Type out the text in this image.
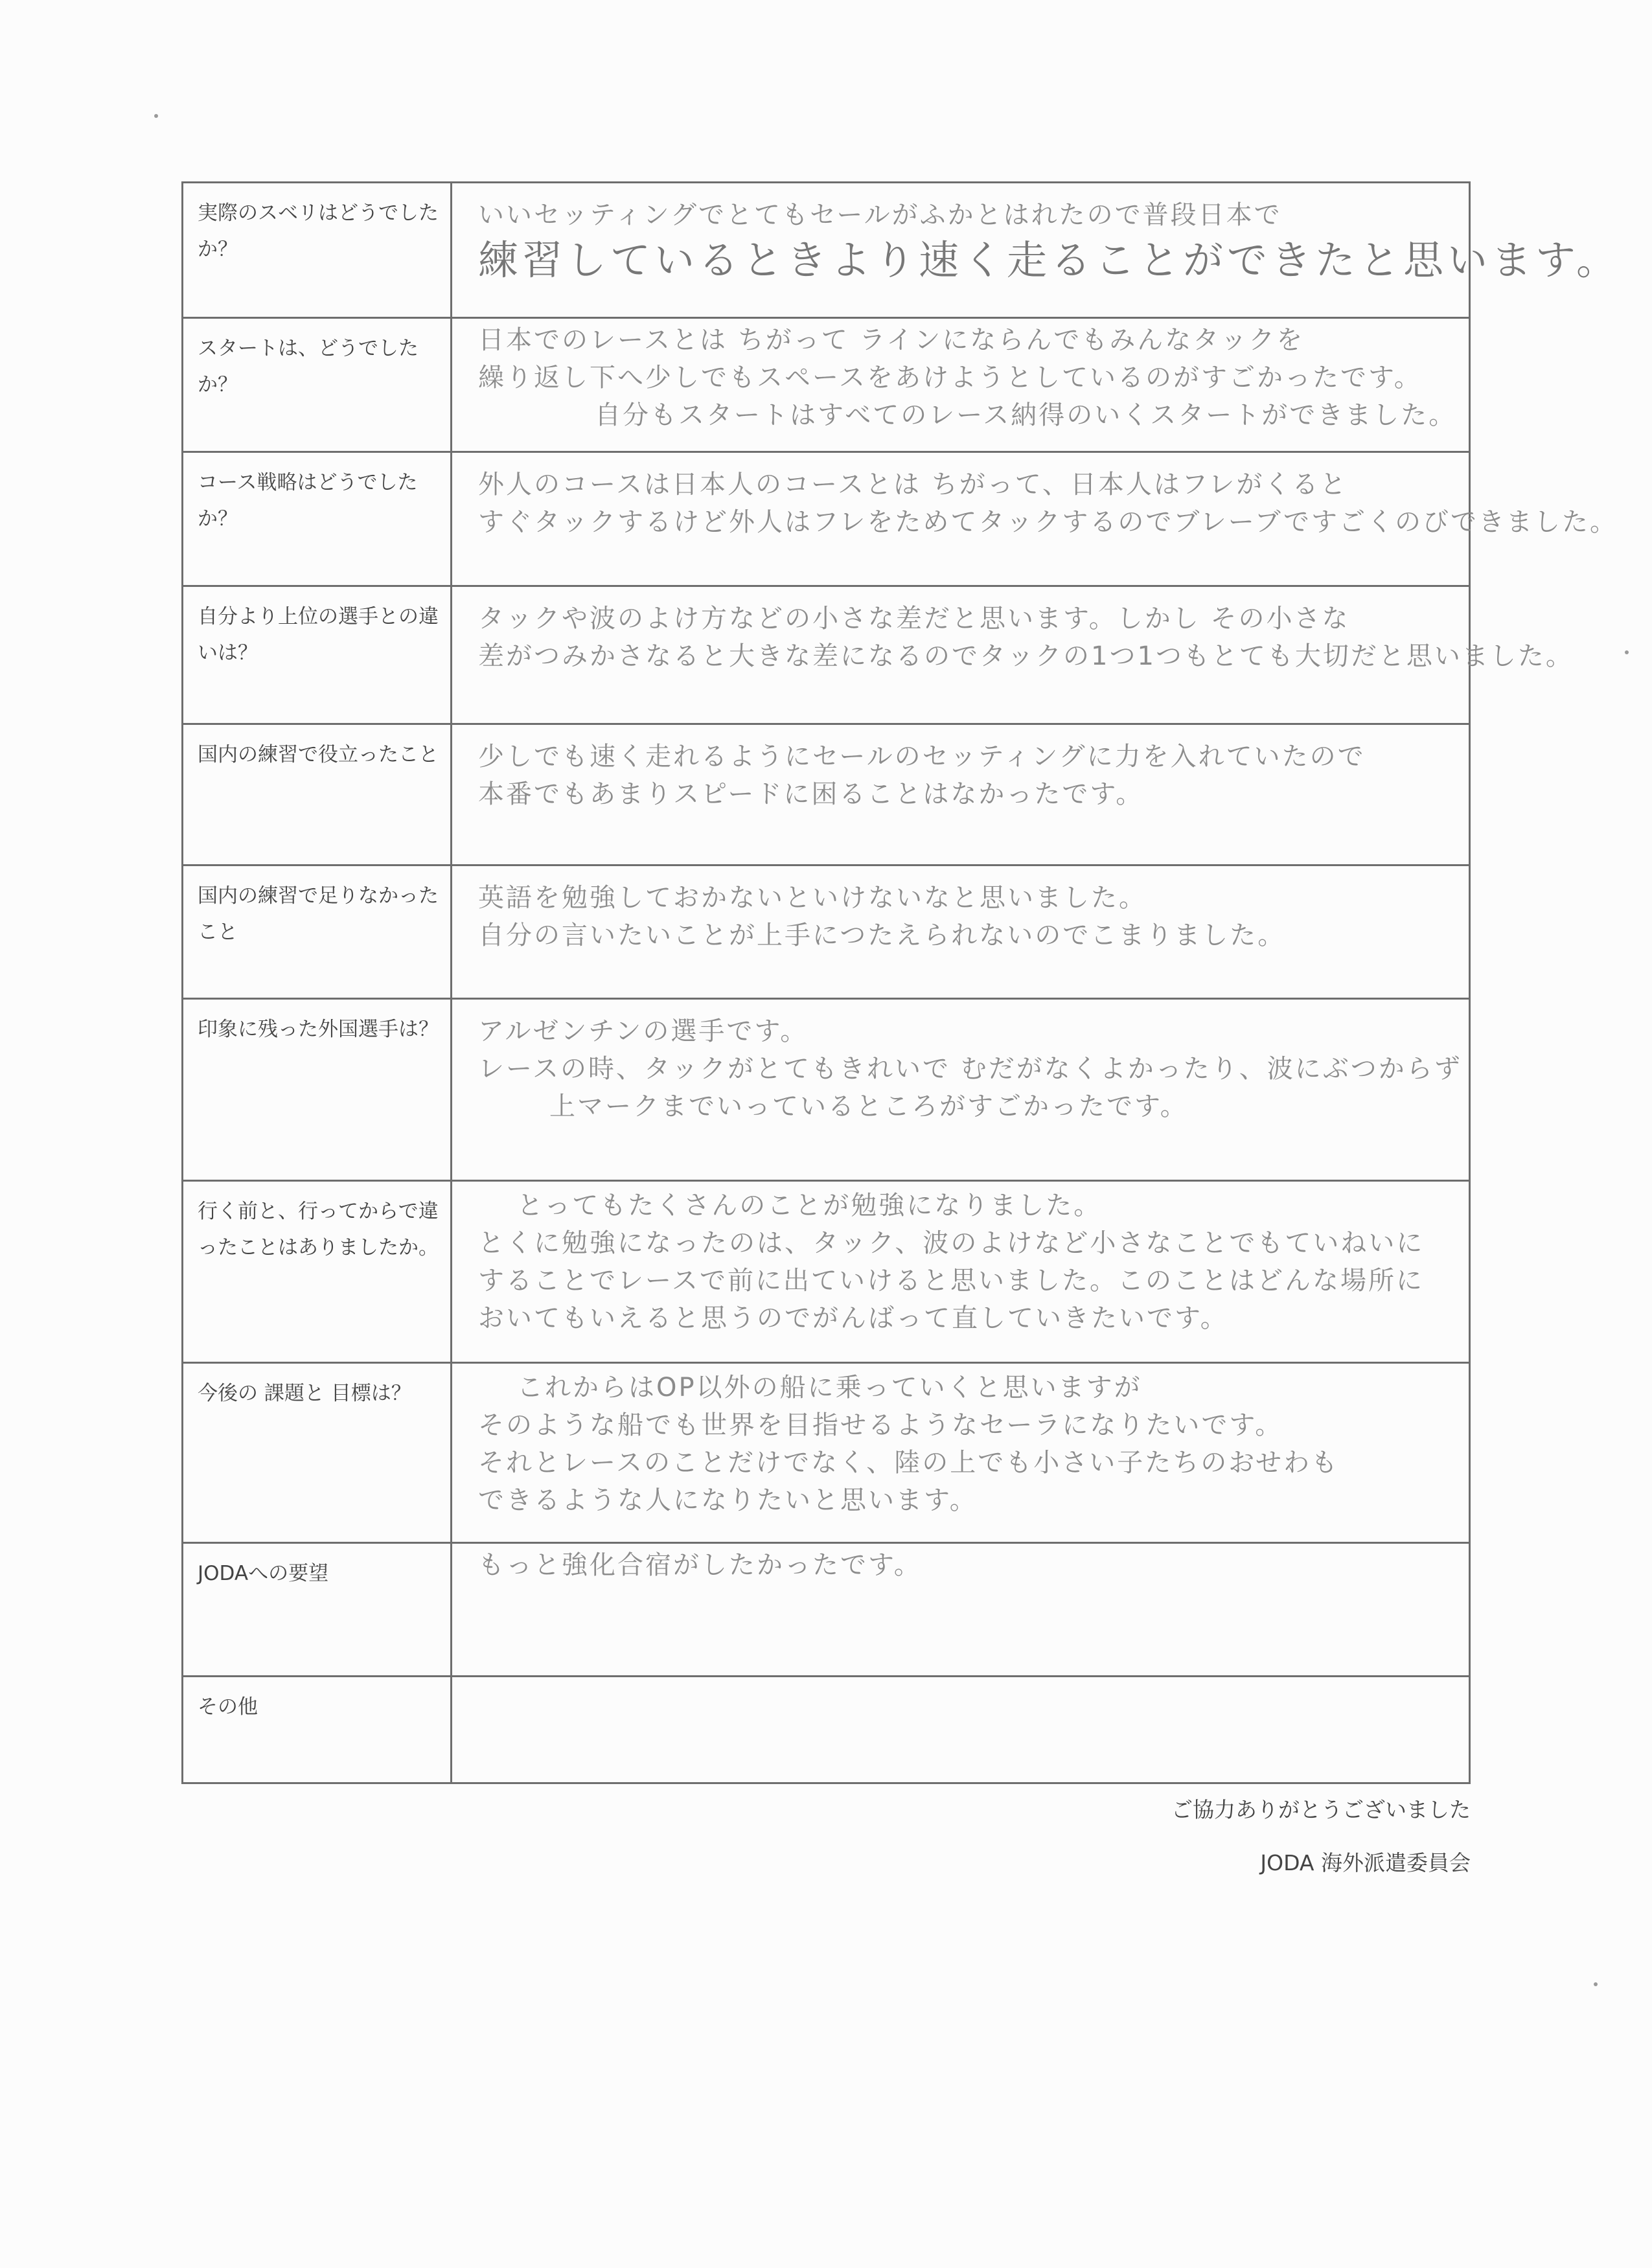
実際のスベリはどうでしたか？	いいセッティングでとてもセールがふかとはれたので普段日本で
練習しているときより速く走ることができたと思います。

スタートは、どうでしたか？	日本でのレースとは ちがって ラインにならんでもみんなタックを
繰り返し下へ少しでもスペースをあけようとしているのがすごかったです。
自分もスタートはすべてのレース納得のいくスタートができました。

コース戦略はどうでしたか？	外人のコースは日本人のコースとは ちがって、日本人はフレがくると
すぐタックするけど外人はフレをためてタックするのでブレーブですごくのびできました。

自分より上位の選手との違いは？	タックや波のよけ方などの小さな差だと思います。しかし その小さな
差がつみかさなると大きな差になるのでタックの1つ1つもとても大切だと思いました。

国内の練習で役立ったこと	少しでも速く走れるようにセールのセッティングに力を入れていたので
本番でもあまりスピードに困ることはなかったです。

国内の練習で足りなかったこと	英語を勉強しておかないといけないなと思いました。
自分の言いたいことが上手につたえられないのでこまりました。

印象に残った外国選手は？	アルゼンチンの選手です。
レースの時、タックがとてもきれいで むだがなくよかったり、波にぶつからず
上マークまでいっているところがすごかったです。

行く前と、行ってからで違ったことはありましたか。	とってもたくさんのことが勉強になりました。
とくに勉強になったのは、タック、波のよけなど小さなことでもていねいに
することでレースで前に出ていけると思いました。このことはどんな場所に
おいてもいえると思うのでがんばって直していきたいです。

今後の 課題と 目標は？	これからはOP以外の船に乗っていくと思いますが
そのような船でも世界を目指せるようなセーラになりたいです。
それとレースのことだけでなく、陸の上でも小さい子たちのおせわも
できるような人になりたいと思います。

JODAへの要望	もっと強化合宿がしたかったです。

その他	
ご協力ありがとうございました
JODA 海外派遣委員会
